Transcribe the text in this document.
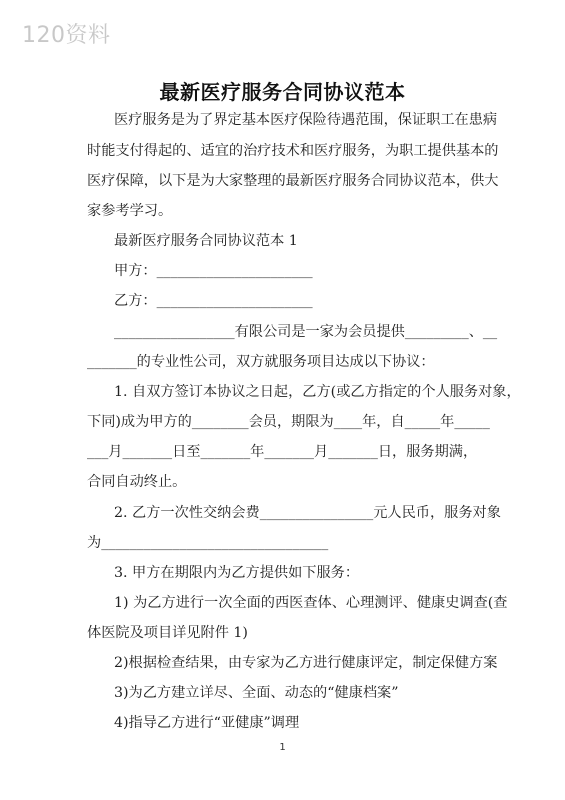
120资料
最新医疗服务合同协议范本
医疗服务是为了界定基本医疗保险待遇范围，保证职工在患病
时能支付得起的、适宜的治疗技术和医疗服务，为职工提供基本的
医疗保障，以下是为大家整理的最新医疗服务合同协议范本，供大
家参考学习。
最新医疗服务合同协议范本 1
甲方：______________________
乙方：______________________
_________________有限公司是一家为会员提供_________、__
_______的专业性公司，双方就服务项目达成以下协议：
1. 自双方签订本协议之日起，乙方(或乙方指定的个人服务对象，
下同)成为甲方的________会员，期限为____年，自_____年_____
___月_______日至_______年_______月_______日，服务期满，
合同自动终止。
2. 乙方一次性交纳会费________________元人民币，服务对象
为________________________________
3. 甲方在期限内为乙方提供如下服务：
1) 为乙方进行一次全面的西医查体、心理测评、健康史调查(查
体医院及项目详见附件 1)
2)根据检查结果，由专家为乙方进行健康评定，制定保健方案
3)为乙方建立详尽、全面、动态的“健康档案”
4)指导乙方进行“亚健康”调理
1
